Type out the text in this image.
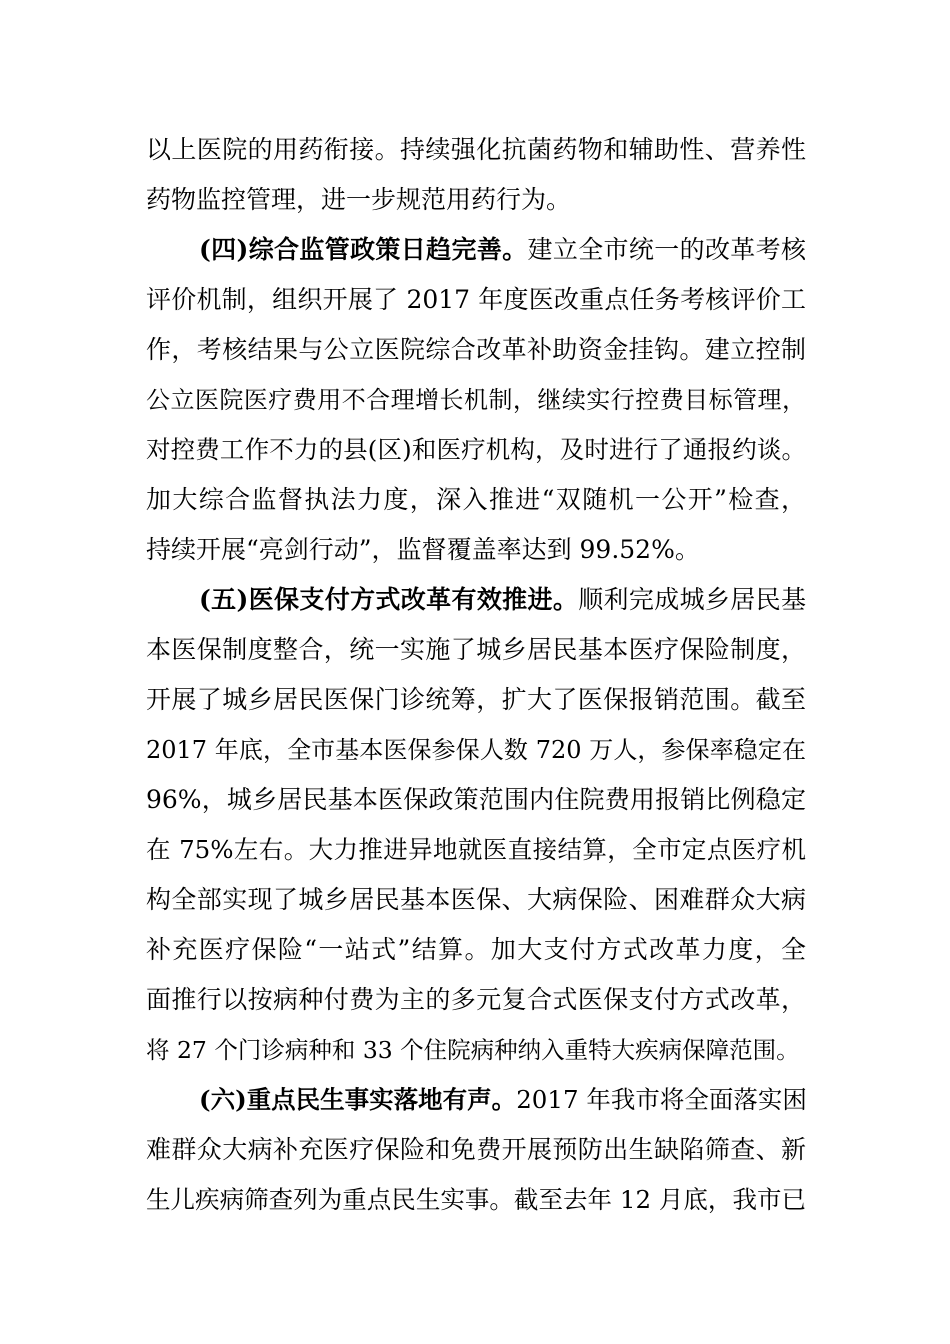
以上医院的用药衔接。持续强化抗菌药物和辅助性、营养性
药物监控管理，进一步规范用药行为。
(四)综合监管政策日趋完善。建立全市统一的改革考核
评价机制，组织开展了 2017 年度医改重点任务考核评价工
作，考核结果与公立医院综合改革补助资金挂钩。建立控制
公立医院医疗费用不合理增长机制，继续实行控费目标管理，
对控费工作不力的县(区)和医疗机构，及时进行了通报约谈。
加大综合监督执法力度，深入推进“双随机一公开”检查，
持续开展“亮剑行动”，监督覆盖率达到 99.52%。
(五)医保支付方式改革有效推进。顺利完成城乡居民基
本医保制度整合，统一实施了城乡居民基本医疗保险制度，
开展了城乡居民医保门诊统筹，扩大了医保报销范围。截至
2017 年底，全市基本医保参保人数 720 万人，参保率稳定在
96%，城乡居民基本医保政策范围内住院费用报销比例稳定
在 75%左右。大力推进异地就医直接结算，全市定点医疗机
构全部实现了城乡居民基本医保、大病保险、困难群众大病
补充医疗保险“一站式”结算。加大支付方式改革力度，全
面推行以按病种付费为主的多元复合式医保支付方式改革，
将 27 个门诊病种和 33 个住院病种纳入重特大疾病保障范围。
(六)重点民生事实落地有声。2017 年我市将全面落实困
难群众大病补充医疗保险和免费开展预防出生缺陷筛查、新
生儿疾病筛查列为重点民生实事。截至去年 12 月底，我市已
